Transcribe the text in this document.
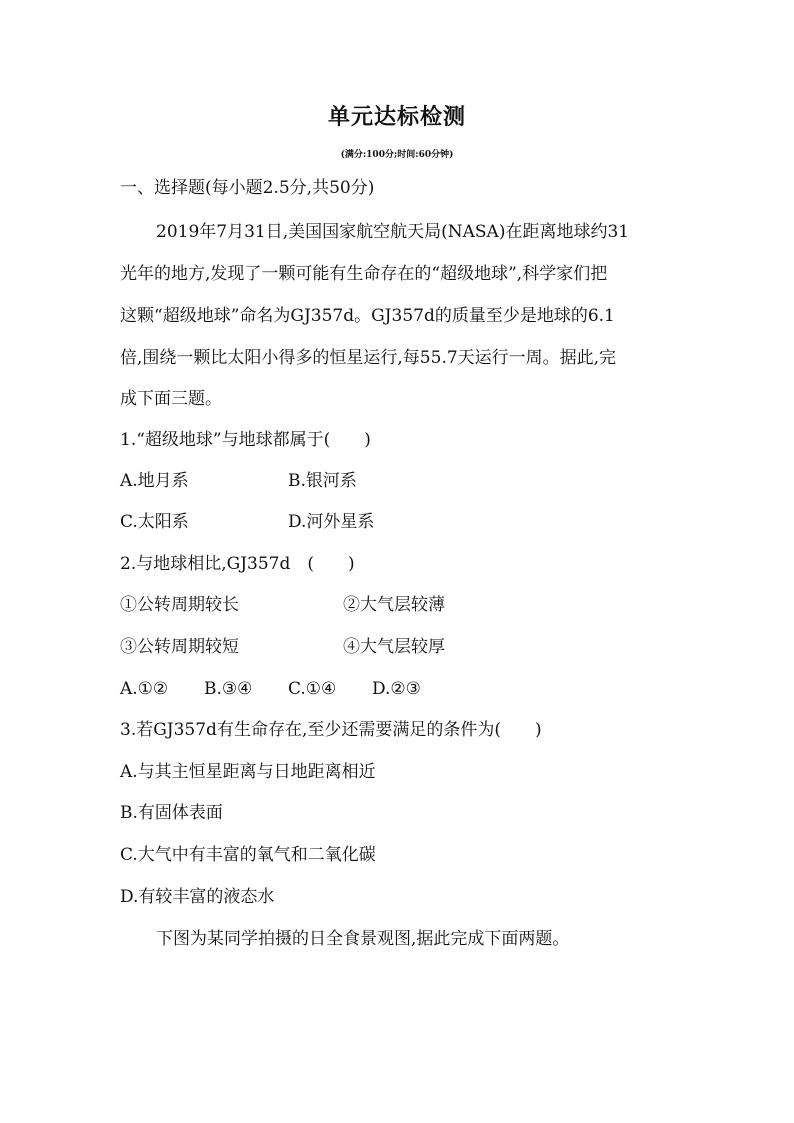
单元达标检测
(满分:100分;时间:60分钟)
一、选择题(每小题2.5分,共50分)
2019年7月31日,美国国家航空航天局(NASA)在距离地球约31
光年的地方,发现了一颗可能有生命存在的“超级地球”,科学家们把
这颗“超级地球”命名为GJ357d。GJ357d的质量至少是地球的6.1
倍,围绕一颗比太阳小得多的恒星运行,每55.7天运行一周。据此,完
成下面三题。
1.“超级地球”与地球都属于(　　)
A.地月系	B.银河系
C.太阳系	D.河外星系
2.与地球相比,GJ357d　(　　)
①公转周期较长	②大气层较薄
③公转周期较短	④大气层较厚
A.①② B.③④ C.①④ D.②③
3.若GJ357d有生命存在,至少还需要满足的条件为(　　)
A.与其主恒星距离与日地距离相近
B.有固体表面
C.大气中有丰富的氧气和二氧化碳
D.有较丰富的液态水
下图为某同学拍摄的日全食景观图,据此完成下面两题。
